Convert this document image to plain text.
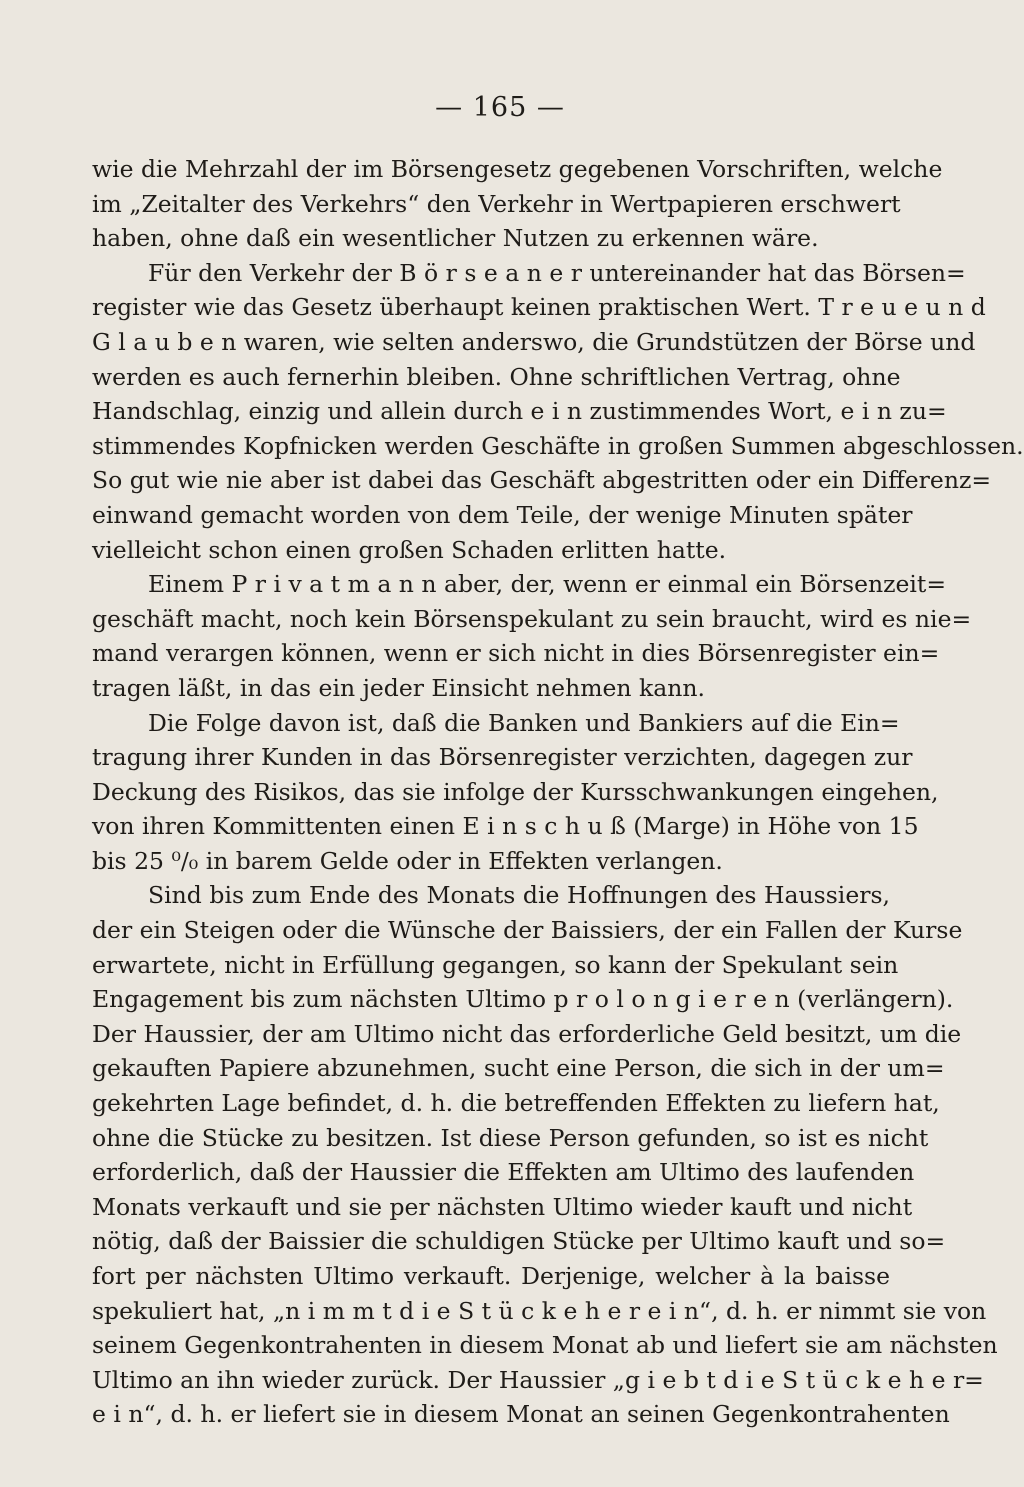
— 165 —
wie die Mehrzahl der im Börsengesetz gegebenen Vorschriften, welche
im „Zeitalter des Verkehrs“ den Verkehr in Wertpapieren erschwert
haben, ohne daß ein wesentlicher Nutzen zu erkennen wäre.
Für den Verkehr der B ö r s e a n e r untereinander hat das Börsen=
register wie das Gesetz überhaupt keinen praktischen Wert. T r e u e u n d
G l a u b e n waren, wie selten anderswo, die Grundstützen der Börse und
werden es auch fernerhin bleiben. Ohne schriftlichen Vertrag, ohne
Handschlag, einzig und allein durch e i n zustimmendes Wort, e i n zu=
stimmendes Kopfnicken werden Geschäfte in großen Summen abgeschlossen.
So gut wie nie aber ist dabei das Geschäft abgestritten oder ein Differenz=
einwand gemacht worden von dem Teile, der wenige Minuten später
vielleicht schon einen großen Schaden erlitten hatte.
Einem P r i v a t m a n n aber, der, wenn er einmal ein Börsenzeit=
geschäft macht, noch kein Börsenspekulant zu sein braucht, wird es nie=
mand verargen können, wenn er sich nicht in dies Börsenregister ein=
tragen läßt, in das ein jeder Einsicht nehmen kann.
Die Folge davon ist, daß die Banken und Bankiers auf die Ein=
tragung ihrer Kunden in das Börsenregister verzichten, dagegen zur
Deckung des Risikos, das sie infolge der Kursschwankungen eingehen,
von ihren Kommittenten einen E i n s c h u ß (Marge) in Höhe von 15
bis 25 ⁰/₀ in barem Gelde oder in Effekten verlangen.
Sind bis zum Ende des Monats die Hoffnungen des Haussiers,
der ein Steigen oder die Wünsche der Baissiers, der ein Fallen der Kurse
erwartete, nicht in Erfüllung gegangen, so kann der Spekulant sein
Engagement bis zum nächsten Ultimo p r o l o n g i e r e n (verlängern).
Der Haussier, der am Ultimo nicht das erforderliche Geld besitzt, um die
gekauften Papiere abzunehmen, sucht eine Person, die sich in der um=
gekehrten Lage befindet, d. h. die betreffenden Effekten zu liefern hat,
ohne die Stücke zu besitzen. Ist diese Person gefunden, so ist es nicht
erforderlich, daß der Haussier die Effekten am Ultimo des laufenden
Monats verkauft und sie per nächsten Ultimo wieder kauft und nicht
nötig, daß der Baissier die schuldigen Stücke per Ultimo kauft und so=
fort per nächsten Ultimo verkauft. Derjenige, welcher à la baisse
spekuliert hat, „n i m m t d i e S t ü c k e h e r e i n“, d. h. er nimmt sie von
seinem Gegenkontrahenten in diesem Monat ab und liefert sie am nächsten
Ultimo an ihn wieder zurück. Der Haussier „g i e b t d i e S t ü c k e h e r=
e i n“, d. h. er liefert sie in diesem Monat an seinen Gegenkontrahenten
